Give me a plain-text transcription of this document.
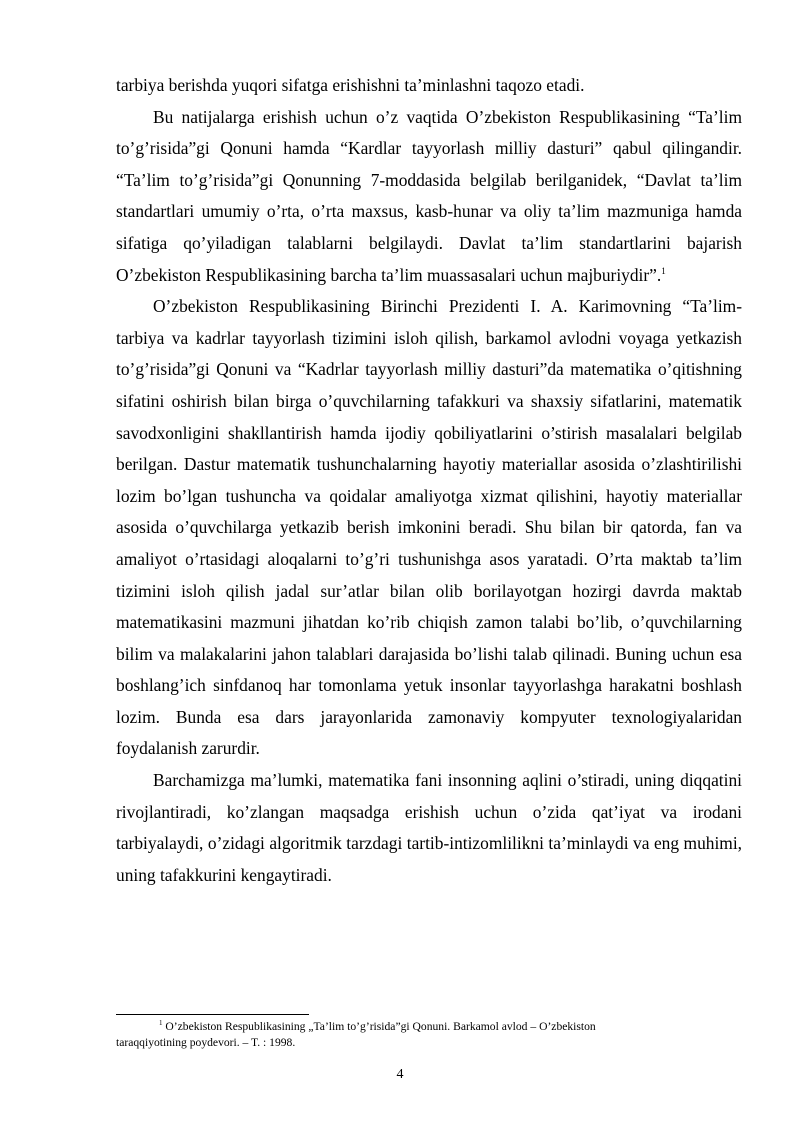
tarbiya berishda yuqori sifatga erishishni ta’minlashni taqozo etadi.

Bu natijalarga erishish uchun o’z vaqtida O’zbekiston Respublikasining “Ta’lim to’g’risida”gi Qonuni hamda “Kardlar tayyorlash milliy dasturi” qabul qilingandir. “Ta’lim to’g’risida”gi Qonunning 7-moddasida belgilab berilganidek, “Davlat ta’lim standartlari umumiy o’rta, o’rta maxsus, kasb-hunar va oliy ta’lim mazmuniga hamda sifatiga qo’yiladigan talablarni belgilaydi. Davlat ta’lim standartlarini bajarish O’zbekiston Respublikasining barcha ta’lim muassasalari uchun majburiydir”.$^1$

O’zbekiston Respublikasining Birinchi Prezidenti I. A. Karimovning “Ta’lim-tarbiya va kadrlar tayyorlash tizimini isloh qilish, barkamol avlodni voyaga yetkazish to’g’risida”gi Qonuni va “Kadrlar tayyorlash milliy dasturi”da matematika o’qitishning sifatini oshirish bilan birga o’quvchilarning tafakkuri va shaxsiy sifatlarini, matematik savodxonligini shakllantirish hamda ijodiy qobiliyatlarini o’stirish masalalari belgilab berilgan. Dastur matematik tushunchalarning hayotiy materiallar asosida o’zlashtirilishi lozim bo’lgan tushuncha va qoidalar amaliyotga xizmat qilishini, hayotiy materiallar asosida o’quvchilarga yetkazib berish imkonini beradi. Shu bilan bir qatorda, fan va amaliyot o’rtasidagi aloqalarni to’g’ri tushunishga asos yaratadi. O’rta maktab ta’lim tizimini isloh qilish jadal sur’atlar bilan olib borilayotgan hozirgi davrda maktab matematikasini mazmuni jihatdan ko’rib chiqish zamon talabi bo’lib, o’quvchilarning bilim va malakalarini jahon talablari darajasida bo’lishi talab qilinadi. Buning uchun esa boshlang’ich sinfdanoq har tomonlama yetuk insonlar tayyorlashga harakatni boshlash lozim. Bunda esa dars jarayonlarida zamonaviy kompyuter texnologiyalaridan foydalanish zarurdir.

Barchamizga ma’lumki, matematika fani insonning aqlini o’stiradi, uning diqqatini rivojlantiradi, ko’zlangan maqsadga erishish uchun o’zida qat’iyat va irodani tarbiyalaydi, o’zidagi algoritmik tarzdagi tartib-intizomlilikni ta’minlaydi va eng muhimi, uning tafakkurini kengaytiradi.

$^1$ O’zbekiston Respublikasining „Ta’lim to’g’risida”gi Qonuni. Barkamol avlod – O’zbekiston
taraqqiyotining poydevori. – T. : 1998.
4
